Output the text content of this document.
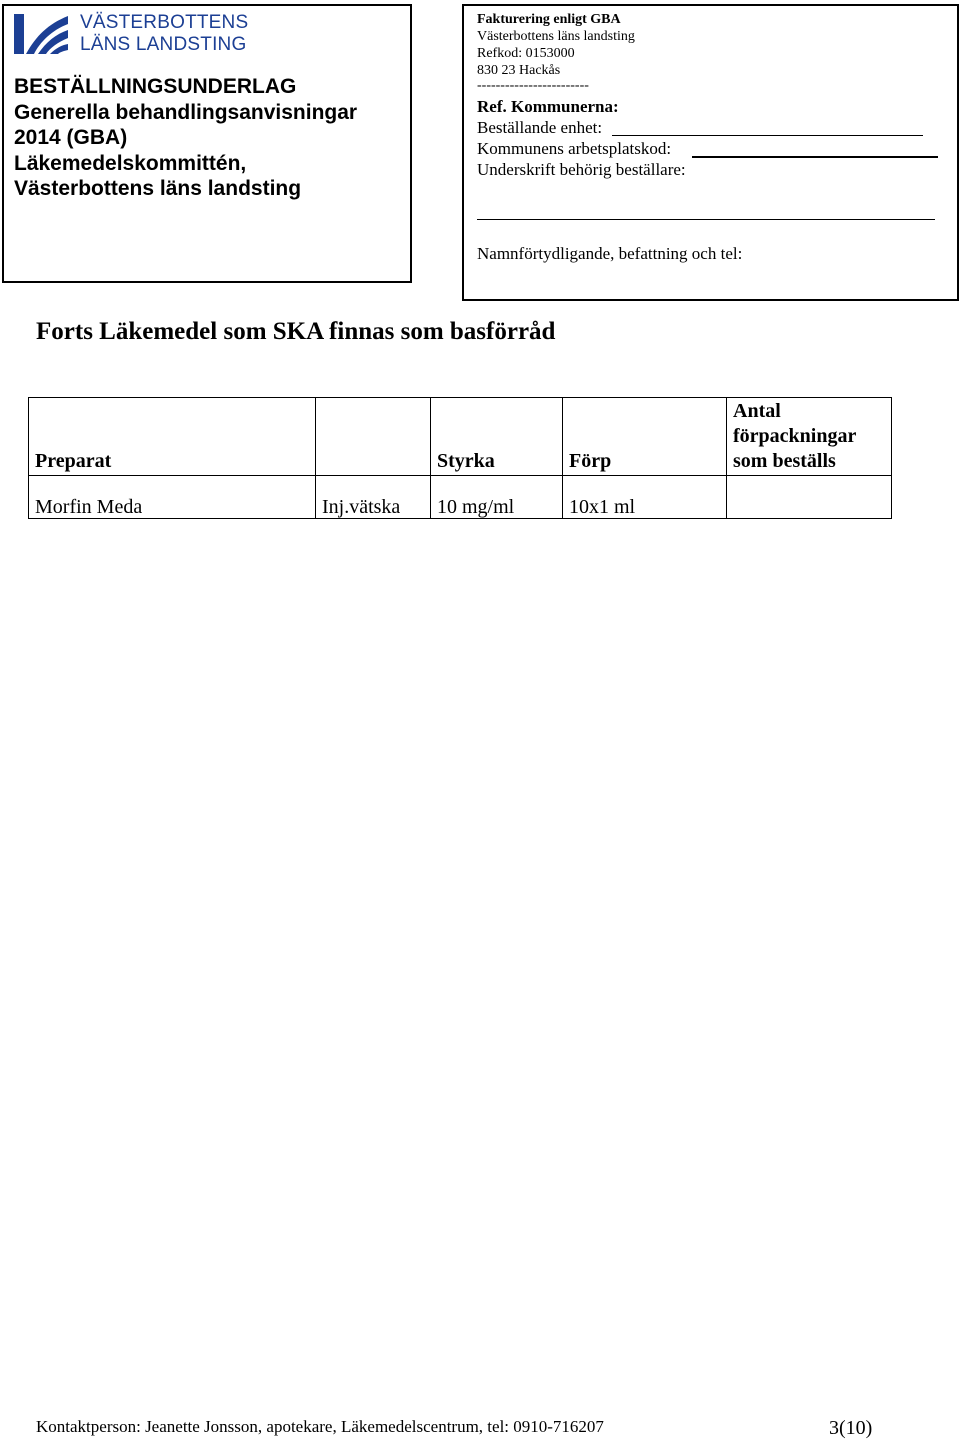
VÄSTERBOTTENS
LÄNS LANDSTING
BESTÄLLNINGSUNDERLAG
Generella behandlingsanvisningar
2014 (GBA)
Läkemedelskommittén,
Västerbottens läns landsting
Fakturering enligt GBA
Västerbottens läns landsting
Refkod: 0153000
830 23 Hackås
------------------------
Ref. Kommunerna:
Beställande enhet:
Kommunens arbetsplatskod:
Underskrift behörig beställare:
Namnförtydligande, befattning och tel:
Forts Läkemedel som SKA finnas som basförråd
Preparat		Styrka	Förp	Antal förpackningar som beställs
Morfin Meda	Inj.vätska	10 mg/ml	10x1 ml	
Kontaktperson: Jeanette Jonsson, apotekare, Läkemedelscentrum, tel: 0910-716207	3(10)
